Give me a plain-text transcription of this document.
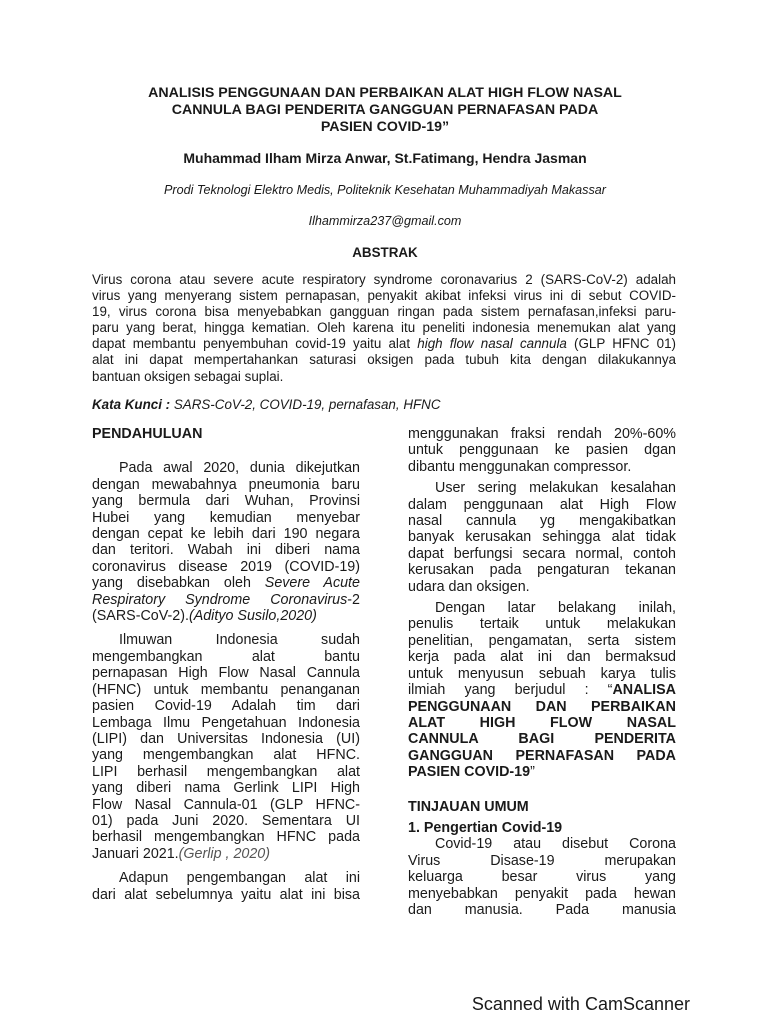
ANALISIS PENGGUNAAN DAN PERBAIKAN ALAT HIGH FLOW NASAL
CANNULA BAGI PENDERITA GANGGUAN PERNAFASAN PADA
PASIEN COVID-19”
Muhammad Ilham Mirza Anwar, St.Fatimang, Hendra Jasman
Prodi Teknologi Elektro Medis, Politeknik Kesehatan Muhammadiyah Makassar
Ilhammirza237@gmail.com
ABSTRAK
Virus corona atau severe acute respiratory syndrome coronavarius 2 (SARS-CoV-2) adalah
virus yang menyerang sistem pernapasan, penyakit akibat infeksi virus ini di sebut COVID-
19, virus corona bisa menyebabkan gangguan ringan pada sistem pernafasan,infeksi paru-
paru yang berat, hingga kematian. Oleh karena itu peneliti indonesia menemukan alat yang
dapat membantu penyembuhan covid-19 yaitu alat high flow nasal cannula (GLP HFNC 01)
alat ini dapat mempertahankan saturasi oksigen pada tubuh kita dengan dilakukannya
bantuan oksigen sebagai suplai.
Kata Kunci : SARS-CoV-2, COVID-19, pernafasan, HFNC
PENDAHULUAN
Pada awal 2020, dunia dikejutkan
dengan mewabahnya pneumonia baru
yang bermula dari Wuhan, Provinsi
Hubei yang kemudian menyebar
dengan cepat ke lebih dari 190 negara
dan teritori. Wabah ini diberi nama
coronavirus disease 2019 (COVID-19)
yang disebabkan oleh Severe Acute
Respiratory Syndrome Coronavirus-2
(SARS-CoV-2).(Adityo Susilo,2020)
Ilmuwan Indonesia sudah
mengembangkan alat bantu
pernapasan High Flow Nasal Cannula
(HFNC) untuk membantu penanganan
pasien Covid-19 Adalah tim dari
Lembaga Ilmu Pengetahuan Indonesia
(LIPI) dan Universitas Indonesia (UI)
yang mengembangkan alat HFNC.
LIPI berhasil mengembangkan alat
yang diberi nama Gerlink LIPI High
Flow Nasal Cannula-01 (GLP HFNC-
01) pada Juni 2020. Sementara UI
berhasil mengembangkan HFNC pada
Januari 2021.(Gerlip , 2020)
Adapun pengembangan alat ini
dari alat sebelumnya yaitu alat ini bisa
menggunakan fraksi rendah 20%-60%
untuk penggunaan ke pasien dgan
dibantu menggunakan compressor.
User sering melakukan kesalahan
dalam penggunaan alat High Flow
nasal cannula yg mengakibatkan
banyak kerusakan sehingga alat tidak
dapat berfungsi secara normal, contoh
kerusakan pada pengaturan tekanan
udara dan oksigen.
Dengan latar belakang inilah,
penulis tertaik untuk melakukan
penelitian, pengamatan, serta sistem
kerja pada alat ini dan bermaksud
untuk menyusun sebuah karya tulis
ilmiah yang berjudul : “ANALISA
PENGGUNAAN DAN PERBAIKAN
ALAT HIGH FLOW NASAL
CANNULA BAGI PENDERITA
GANGGUAN PERNAFASAN PADA
PASIEN COVID-19”
TINJAUAN UMUM
1. Pengertian Covid-19
Covid-19 atau disebut Corona
Virus Disase-19 merupakan
keluarga besar virus yang
menyebabkan penyakit pada hewan
dan manusia. Pada manusia
Scanned with CamScanner
